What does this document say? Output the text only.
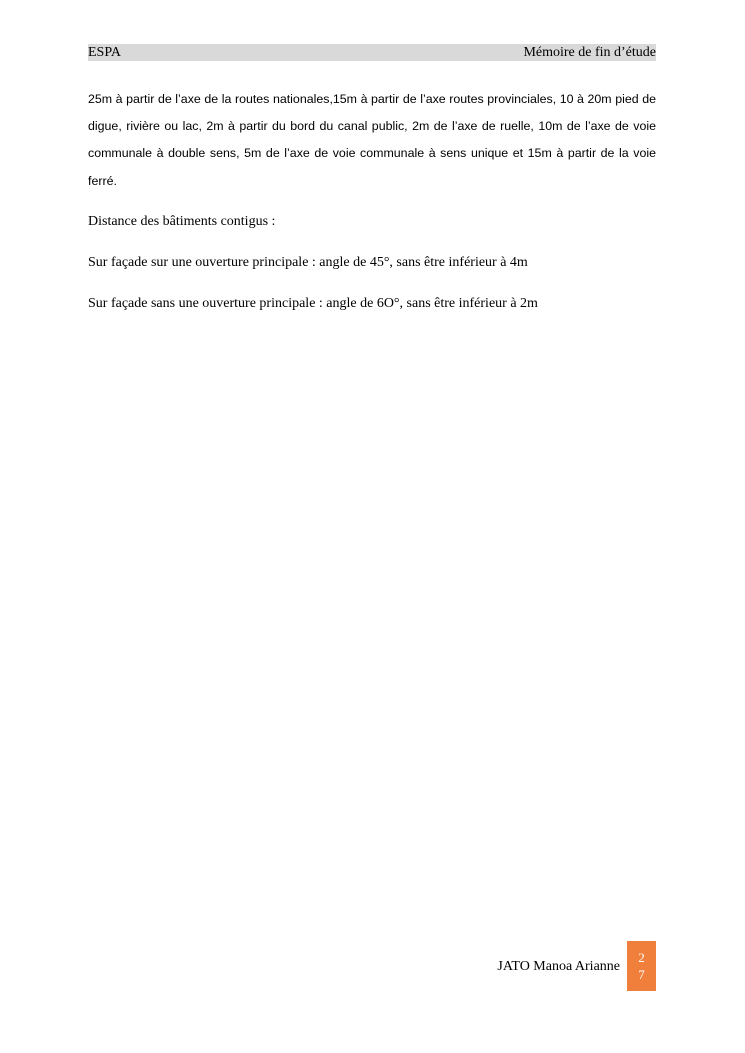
ESPA	Mémoire de fin d’étude

25m à partir de l’axe de la routes nationales,15m à partir de l’axe routes provinciales, 10 à 20m pied de digue, rivière ou lac, 2m à partir du bord du canal public, 2m de l’axe de ruelle, 10m de l’axe de voie communale à double sens, 5m de l’axe de voie communale à sens unique et 15m à partir de la voie ferré.

Distance des bâtiments contigus :
Sur façade sur une ouverture principale : angle de 45°, sans être inférieur à 4m
Sur façade sans une ouverture principale : angle de 6O°, sans être inférieur à 2m
JATO Manoa Arianne
2
7
